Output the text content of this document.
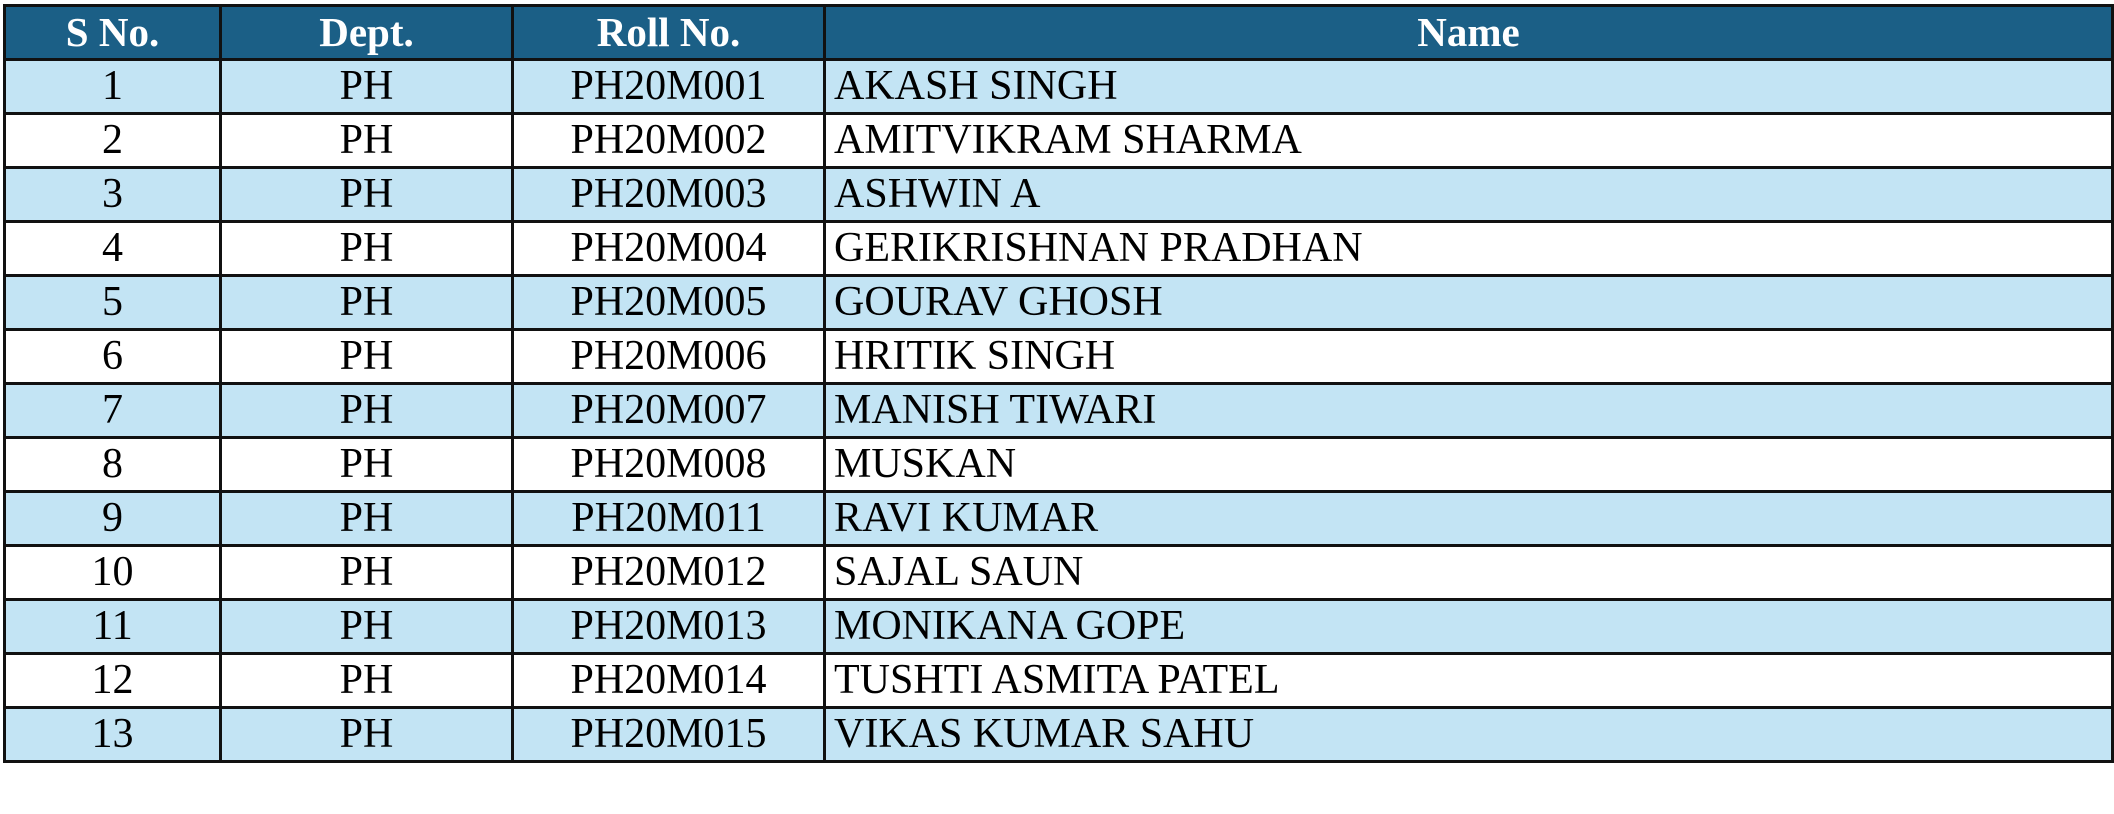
S No.	Dept.	Roll No.	Name
1	PH	PH20M001	AKASH SINGH
2	PH	PH20M002	AMITVIKRAM SHARMA
3	PH	PH20M003	ASHWIN A
4	PH	PH20M004	GERIKRISHNAN PRADHAN
5	PH	PH20M005	GOURAV GHOSH
6	PH	PH20M006	HRITIK SINGH
7	PH	PH20M007	MANISH TIWARI
8	PH	PH20M008	MUSKAN
9	PH	PH20M011	RAVI KUMAR
10	PH	PH20M012	SAJAL SAUN
11	PH	PH20M013	MONIKANA GOPE
12	PH	PH20M014	TUSHTI ASMITA PATEL
13	PH	PH20M015	VIKAS KUMAR SAHU
